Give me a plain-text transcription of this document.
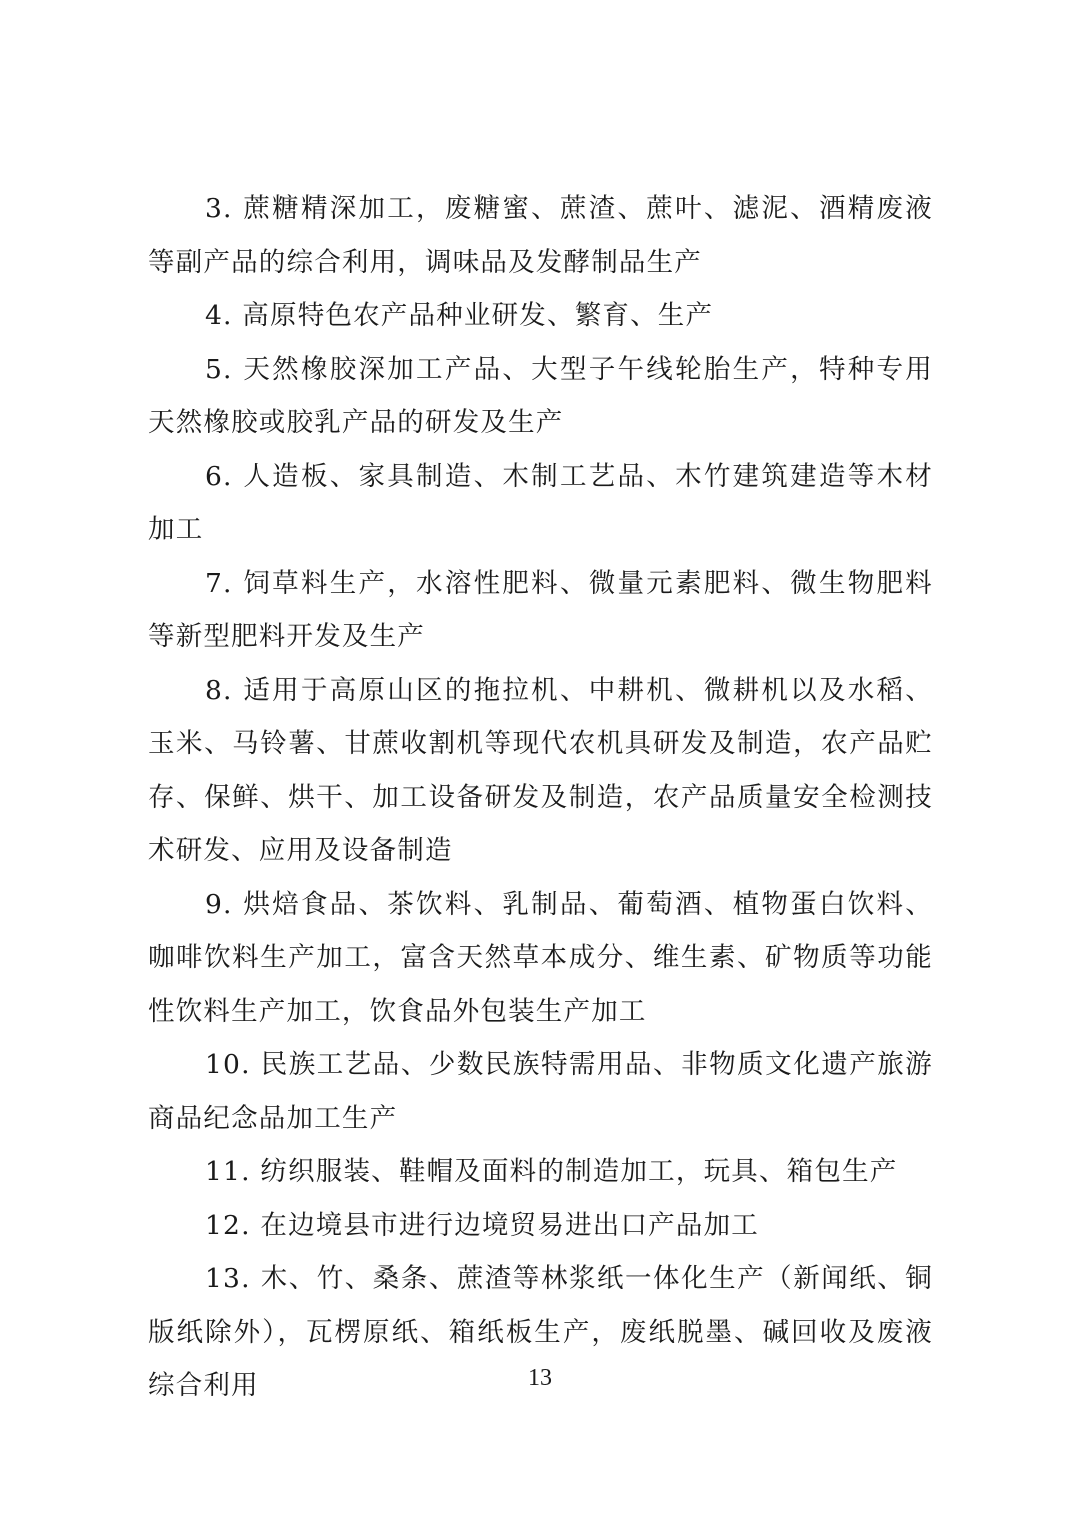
3. 蔗糖精深加工，废糖蜜、蔗渣、蔗叶、滤泥、酒精废液等副产品的综合利用，调味品及发酵制品生产

4. 高原特色农产品种业研发、繁育、生产

5. 天然橡胶深加工产品、大型子午线轮胎生产，特种专用天然橡胶或胶乳产品的研发及生产

6. 人造板、家具制造、木制工艺品、木竹建筑建造等木材加工

7. 饲草料生产，水溶性肥料、微量元素肥料、微生物肥料等新型肥料开发及生产

8. 适用于高原山区的拖拉机、中耕机、微耕机以及水稻、玉米、马铃薯、甘蔗收割机等现代农机具研发及制造，农产品贮存、保鲜、烘干、加工设备研发及制造，农产品质量安全检测技术研发、应用及设备制造

9. 烘焙食品、茶饮料、乳制品、葡萄酒、植物蛋白饮料、咖啡饮料生产加工，富含天然草本成分、维生素、矿物质等功能性饮料生产加工，饮食品外包装生产加工

10. 民族工艺品、少数民族特需用品、非物质文化遗产旅游商品纪念品加工生产

11. 纺织服装、鞋帽及面料的制造加工，玩具、箱包生产

12. 在边境县市进行边境贸易进出口产品加工

13. 木、竹、桑条、蔗渣等林浆纸一体化生产（新闻纸、铜版纸除外），瓦楞原纸、箱纸板生产，废纸脱墨、碱回收及废液综合利用	13
